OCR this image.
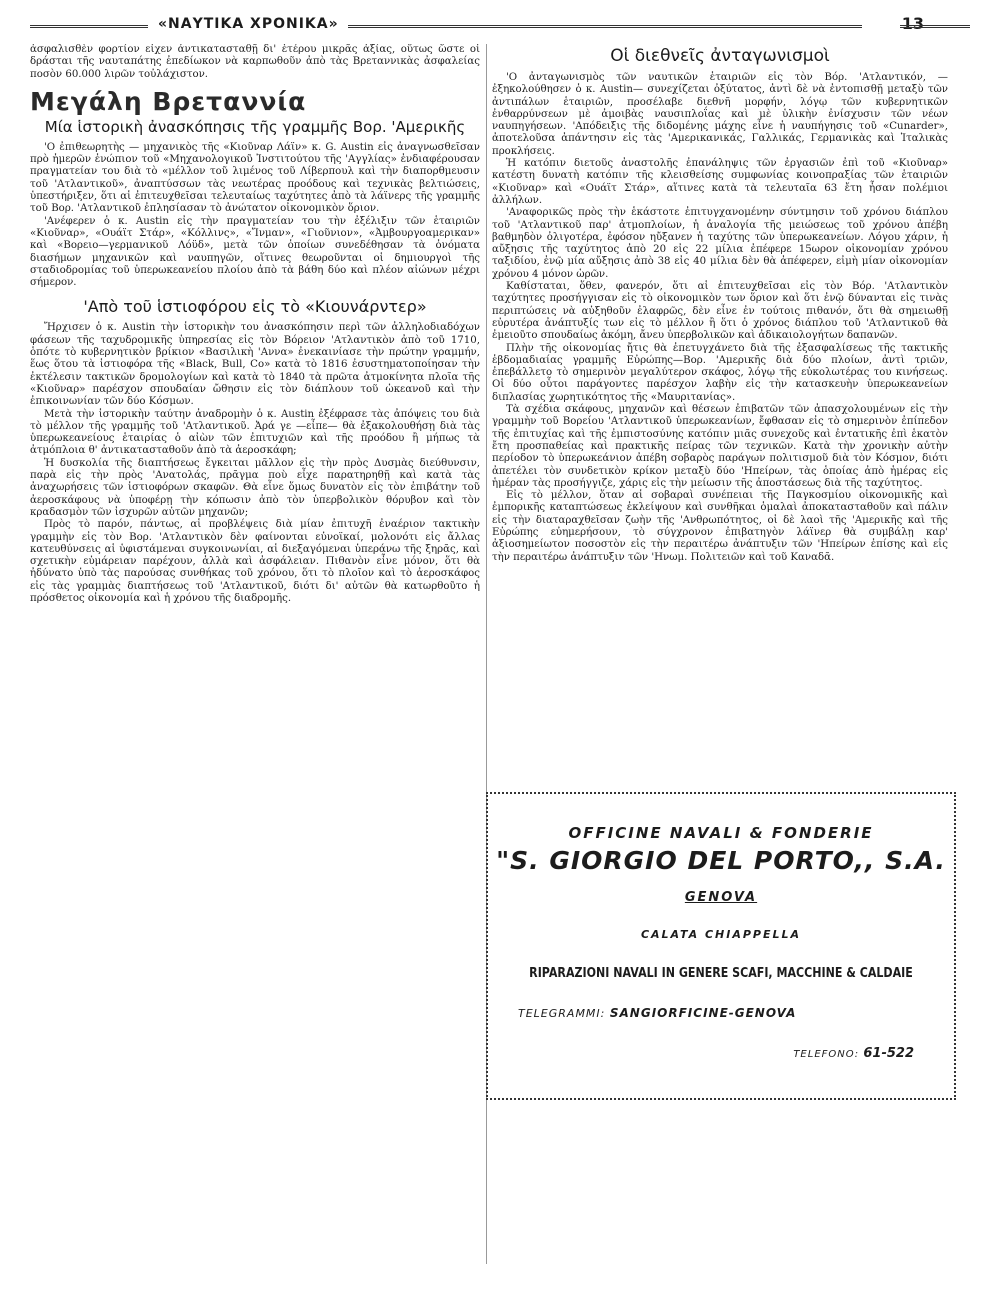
«ΝΑΥΤΙΚΑ ΧΡΟΝΙΚΑ»	13

ἀσφαλισθὲν φορτίον εἶχεν ἀντικατασταθῇ δι' ἑτέρου μικρᾶς ἀξίας, οὕτως ὥστε οἱ δράσται τῆς ναυταπάτης ἐπεδίωκον νὰ καρπωθοῦν ἀπὸ τὰς Βρεταννικὰς ἀσφαλείας ποσὸν 60.000 λιρῶν τοὐλάχιστον.

Μεγάλη Βρεταννία
Μία ἱστορικὴ ἀνασκόπησις τῆς γραμμῆς Βορ. 'Αμερικῆς

'Ο ἐπιθεωρητὴς — μηχανικὸς τῆς «Κιοῦναρ Λάϊν» κ. G. Austin εἰς ἀναγνωσθεῖσαν πρὸ ἡμερῶν ἐνώπιον τοῦ «Μηχανολογικοῦ Ἰνστιτούτου τῆς 'Αγγλίας» ἐνδιαφέρουσαν πραγματείαν του διὰ τὸ «μέλλον τοῦ λιμένος τοῦ Λίβερπουλ καὶ τὴν διαπορθμευσιν τοῦ 'Ατλαντικοῦ», ἀναπτύσσων τὰς νεωτέρας προόδους καὶ τεχνικὰς βελτιώσεις, ὑπεστήριξεν, ὅτι αἱ ἐπιτευχθεῖσαι τελευταίως ταχύτητες ἀπὸ τὰ λάϊνερς τῆς γραμμῆς τοῦ Βορ. 'Ατλαντικοῦ ἐπλησίασαν τὸ ἀνώτατον οἰκονομικὸν ὅριον.

'Ανέφερεν ὁ κ. Austin εἰς τὴν πραγματείαν του τὴν ἐξέλιξιν τῶν ἑταιριῶν «Κιοῦναρ», «Ουάϊτ Στάρ», «Κόλλινς», «Ἴνμαν», «Γιοῦνιον», «Ἀμβουργοαμερικαν» καὶ «Βορειο—γερμανικοῦ Λόϋδ», μετὰ τῶν ὁποίων συνεδέθησαν τὰ ὀνόματα διασήμων μηχανικῶν καὶ ναυπηγῶν, οἵτινες θεωροῦνται οἱ δημιουργοὶ τῆς σταδιοδρομίας τοῦ ὑπερωκεανείου πλοίου ἀπὸ τὰ βάθη δύο καὶ πλέον αἰώνων μέχρι σήμερον.

'Απὸ τοῦ ἱστιοφόρου εἰς τὸ «Κιουνάρντερ»

Ἤρχισεν ὁ κ. Austin τὴν ἱστορικὴν του ἀνασκόπησιν περὶ τῶν ἀλληλοδιαδόχων φάσεων τῆς ταχυδρομικῆς ὑπηρεσίας εἰς τὸν Βόρειον 'Ατλαντικὸν ἀπὸ τοῦ 1710, ὁπότε τὸ κυβερνητικὸν βρίκιον «Βασιλικὴ 'Αννα» ἐνεκαινίασε τὴν πρώτην γραμμήν, ἕως ὅτου τὰ ἱστιοφόρα τῆς «Black, Bull, Co» κατὰ τὸ 1816 ἐσυστηματοποίησαν τὴν ἐκτέλεσιν τακτικῶν δρομολογίων καὶ κατὰ τὸ 1840 τὰ πρῶτα ἀτμοκίνητα πλοῖα τῆς «Κιοῦναρ» παρέσχον σπουδαίαν ὤθησιν εἰς τὸν διάπλουν τοῦ ὠκεανοῦ καὶ τὴν ἐπικοινωνίαν τῶν δύο Κόσμων.

Μετὰ τὴν ἱστορικὴν ταύτην ἀναδρομὴν ὁ κ. Austin ἐξέφρασε τὰς ἀπόψεις του διὰ τὸ μέλλον τῆς γραμμῆς τοῦ 'Ατλαντικοῦ. Ἀρά γε —εἶπε— θὰ ἐξακολουθήσῃ διὰ τὰς ὑπερωκεανείους ἑταιρίας ὁ αἰὼν τῶν ἐπιτυχιῶν καὶ τῆς προόδου ἢ μήπως τὰ ἀτμόπλοια θ' ἀντικατασταθοῦν ἀπὸ τὰ ἀεροσκάφη;

Ἡ δυσκολία τῆς διαπτήσεως ἔγκειται μᾶλλον εἰς τὴν πρὸς Δυσμὰς διεύθυνσιν, παρὰ εἰς τὴν πρὸς 'Ανατολάς, πρᾶγμα ποὺ εἶχε παρατηρηθῇ καὶ κατὰ τὰς ἀναχωρήσεις τῶν ἱστιοφόρων σκαφῶν. Θὰ εἶνε ὅμως δυνατὸν εἰς τὸν ἐπιβάτην τοῦ ἀεροσκάφους νὰ ὑποφέρῃ τὴν κόπωσιν ἀπὸ τὸν ὑπερβολικὸν θόρυβον καὶ τὸν κραδασμὸν τῶν ἰσχυρῶν αὐτῶν μηχανῶν;

Πρὸς τὸ παρόν, πάντως, αἱ προβλέψεις διὰ μίαν ἐπιτυχῆ ἐναέριον τακτικὴν γραμμὴν εἰς τὸν Βορ. 'Ατλαντικὸν δὲν φαίνονται εὐνοϊκαί, μολονότι εἰς ἄλλας κατευθύνσεις αἱ ὑφιστάμεναι συγκοινωνίαι, αἱ διεξαγόμεναι ὑπεράνω τῆς ξηρᾶς, καὶ σχετικὴν εὐμάρειαν παρέχουν, ἀλλὰ καὶ ἀσφάλειαν. Πιθανὸν εἶνε μόνον, ὅτι θὰ ἠδύνατο ὑπὸ τὰς παρούσας συνθήκας τοῦ χρόνου, ὅτι τὸ πλοῖον καὶ τὸ ἀεροσκάφος εἰς τὰς γραμμὰς διαπτήσεως τοῦ 'Ατλαντικοῦ, διότι δι' αὐτῶν θὰ κατωρθοῦτο ἡ πρόσθετος οἰκονομία καὶ ἡ χρόνου τῆς διαδρομῆς.

Οἱ διεθνεῖς ἀνταγωνισμοὶ

'Ο ἀνταγωνισμὸς τῶν ναυτικῶν ἑταιριῶν εἰς τὸν Βόρ. 'Ατλαντικόν, —ἐξηκολούθησεν ὁ κ. Austin— συνεχίζεται ὀξύτατος, ἀντὶ δὲ νὰ ἐντοπισθῇ μεταξὺ τῶν ἀντιπάλων ἑταιριῶν, προσέλαβε διεθνῆ μορφήν, λόγῳ τῶν κυβερνητικῶν ἐνθαρρύνσεων μὲ ἀμοιβὰς ναυσιπλοΐας καὶ μὲ ὑλικὴν ἐνίσχυσιν τῶν νέων ναυπηγήσεων. 'Απόδειξις τῆς διδομένης μάχης εἶνε ἡ ναυπήγησις τοῦ «Cunarder», ἀποτελοῦσα ἀπάντησιν εἰς τὰς 'Αμερικανικάς, Γαλλικάς, Γερμανικὰς καὶ Ἰταλικὰς προκλήσεις.

Ἡ κατόπιν διετοῦς ἀναστολῆς ἐπανάληψις τῶν ἐργασιῶν ἐπὶ τοῦ «Κιοῦναρ» κατέστη δυνατὴ κατόπιν τῆς κλεισθείσης συμφωνίας κοινοπραξίας τῶν ἑταιριῶν «Κιοῦναρ» καὶ «Ουάϊτ Στάρ», αἵτινες κατὰ τὰ τελευταῖα 63 ἔτη ἦσαν πολέμιοι ἀλλήλων.

'Αναφορικῶς πρὸς τὴν ἑκάστοτε ἐπιτυγχανομένην σύντμησιν τοῦ χρόνου διάπλου τοῦ 'Ατλαντικοῦ παρ' ἀτμοπλοίων, ἡ ἀναλογία τῆς μειώσεως τοῦ χρόνου ἀπέβη βαθμηδὸν ὀλιγοτέρα, ἐφόσον ηὔξανεν ἡ ταχύτης τῶν ὑπερωκεανείων. Λόγου χάριν, ἡ αὔξησις τῆς ταχύτητος ἀπὸ 20 εἰς 22 μίλια ἐπέφερε 15ωρον οἰκονομίαν χρόνου ταξιδίου, ἐνῷ μία αὔξησις ἀπὸ 38 εἰς 40 μίλια δὲν θὰ ἀπέφερεν, εἰμὴ μίαν οἰκονομίαν χρόνου 4 μόνον ὡρῶν.

Καθίσταται, ὅθεν, φανερόν, ὅτι αἱ ἐπιτευχθεῖσαι εἰς τὸν Βόρ. 'Ατλαντικὸν ταχύτητες προσήγγισαν εἰς τὸ οἰκονομικὸν των ὅριον καὶ ὅτι ἐνῷ δύνανται εἰς τινὰς περιπτώσεις νὰ αὐξηθοῦν ἐλαφρῶς, δὲν εἶνε ἐν τούτοις πιθανόν, ὅτι θὰ σημειωθῇ εὐρυτέρα ἀνάπτυξίς των εἰς τὸ μέλλον ἢ ὅτι ὁ χρόνος διάπλου τοῦ 'Ατλαντικοῦ θὰ ἐμειοῦτο σπουδαίως ἀκόμη, ἄνευ ὑπερβολικῶν καὶ ἀδικαιολογήτων δαπανῶν.

Πλὴν τῆς οἰκονομίας ἤτις θὰ ἐπετυγχάνετο διὰ τῆς ἐξασφαλίσεως τῆς τακτικῆς ἑβδομαδιαίας γραμμῆς Εὐρώπης—Βορ. 'Αμερικῆς διὰ δύο πλοίων, ἀντὶ τριῶν, ἐπεβάλλετο τὸ σημερινὸν μεγαλύτερον σκάφος, λόγῳ τῆς εὐκολωτέρας του κινήσεως. Οἱ δύο οὗτοι παράγοντες παρέσχον λαβὴν εἰς τὴν κατασκευὴν ὑπερωκεανείων διπλασίας χωρητικότητος τῆς «Μαυριτανίας».

Τὰ σχέδια σκάφους, μηχανῶν καὶ θέσεων ἐπιβατῶν τῶν ἀπασχολουμένων εἰς τὴν γραμμὴν τοῦ Βορείου 'Ατλαντικοῦ ὑπερωκεανίων, ἔφθασαν εἰς τὸ σημερινὸν ἐπίπεδον τῆς ἐπιτυχίας καὶ τῆς ἐμπιστοσύνης κατόπιν μιᾶς συνεχοῦς καὶ ἐντατικῆς ἐπὶ ἑκατὸν ἔτη προσπαθείας καὶ πρακτικῆς πείρας τῶν τεχνικῶν. Κατὰ τὴν χρονικὴν αὐτὴν περίοδον τὸ ὑπερωκεάνιον ἀπέβη σοβαρὸς παράγων πολιτισμοῦ διὰ τὸν Κόσμον, διότι ἀπετέλει τὸν συνδετικὸν κρίκον μεταξὺ δύο 'Ηπείρων, τὰς ὁποίας ἀπὸ ἡμέρας εἰς ἡμέραν τὰς προσήγγιζε, χάρις εἰς τὴν μείωσιν τῆς ἀποστάσεως διὰ τῆς ταχύτητος.

Εἰς τὸ μέλλον, ὅταν αἱ σοβαραὶ συνέπειαι τῆς Παγκοσμίου οἰκονομικῆς καὶ ἐμπορικῆς καταπτώσεως ἐκλείψουν καὶ συνθῆκαι ὁμαλαὶ ἀποκατασταθοῦν καὶ πάλιν εἰς τὴν διαταραχθεῖσαν ζωὴν τῆς 'Ανθρωπότητος, οἱ δὲ λαοὶ τῆς 'Αμερικῆς καὶ τῆς Εὐρώπης εὐημερήσουν, τὸ σύγχρονον ἐπιβατηγὸν λάϊνερ θὰ συμβάλῃ καρ' ἀξιοσημείωτον ποσοστὸν εἰς τὴν περαιτέρω ἀνάπτυξιν τῶν 'Ηπείρων ἐπίσης καὶ εἰς τὴν περαιτέρω ἀνάπτυξιν τῶν 'Ηνωμ. Πολιτειῶν καὶ τοῦ Καναδᾶ.

OFFICINE NAVALI & FONDERIE
"S. GIORGIO DEL PORTO,, S.A.
GENOVA
CALATA CHIAPPELLA
RIPARAZIONI NAVALI IN GENERE SCAFI, MACCHINE & CALDAIE
TELEGRAMMI: SANGIORFICINE-GENOVA
TELEFONO: 61-522
